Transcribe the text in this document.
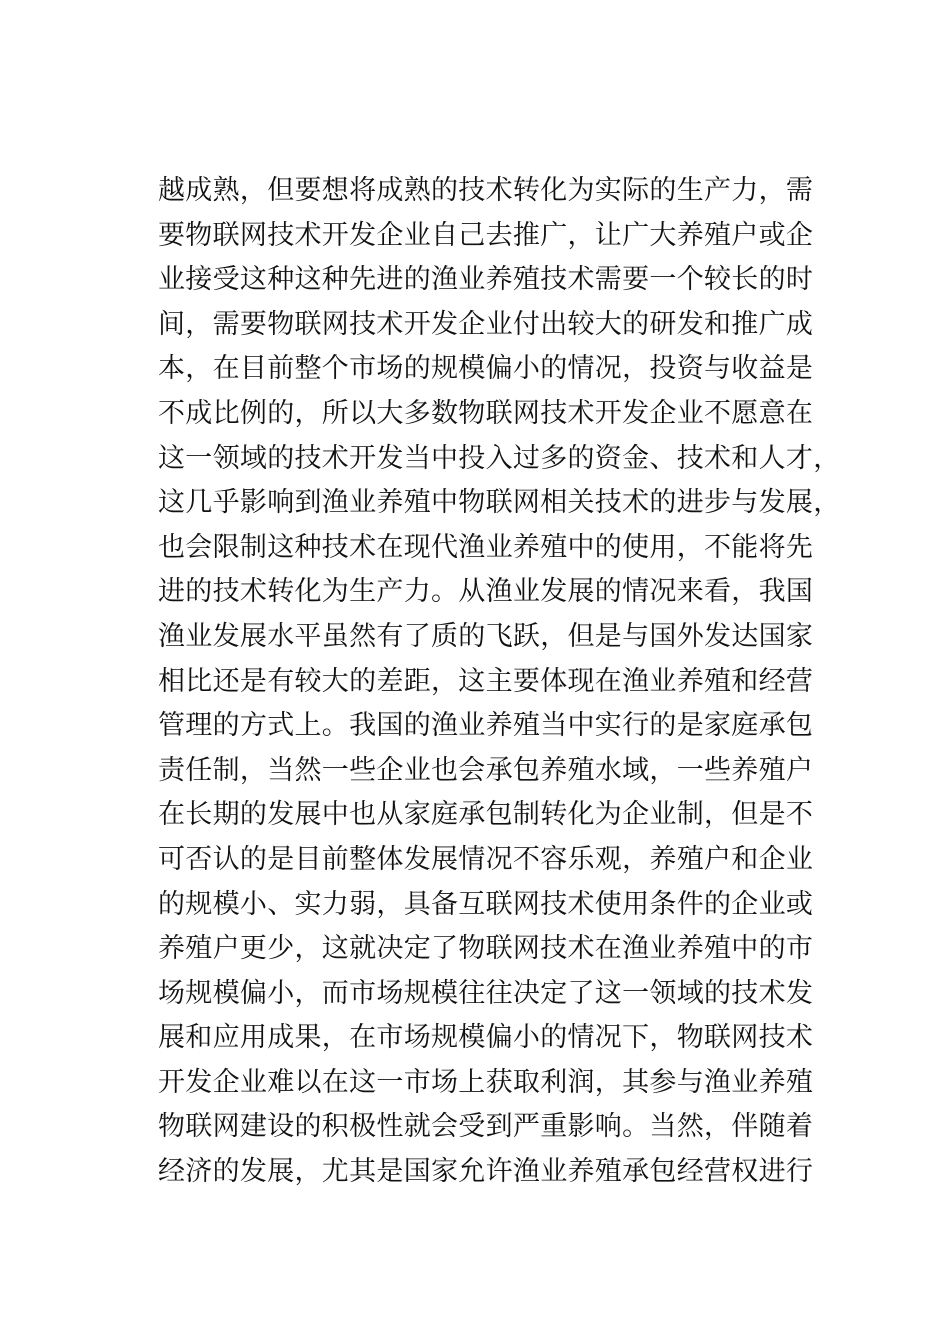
越成熟，但要想将成熟的技术转化为实际的生产力，需
要物联网技术开发企业自己去推广，让广大养殖户或企
业接受这种这种先进的渔业养殖技术需要一个较长的时
间，需要物联网技术开发企业付出较大的研发和推广成
本，在目前整个市场的规模偏小的情况，投资与收益是
不成比例的，所以大多数物联网技术开发企业不愿意在
这一领域的技术开发当中投入过多的资金、技术和人才，
这几乎影响到渔业养殖中物联网相关技术的进步与发展，
也会限制这种技术在现代渔业养殖中的使用，不能将先
进的技术转化为生产力。从渔业发展的情况来看，我国
渔业发展水平虽然有了质的飞跃，但是与国外发达国家
相比还是有较大的差距，这主要体现在渔业养殖和经营
管理的方式上。我国的渔业养殖当中实行的是家庭承包
责任制，当然一些企业也会承包养殖水域，一些养殖户
在长期的发展中也从家庭承包制转化为企业制，但是不
可否认的是目前整体发展情况不容乐观，养殖户和企业
的规模小、实力弱，具备互联网技术使用条件的企业或
养殖户更少，这就决定了物联网技术在渔业养殖中的市
场规模偏小，而市场规模往往决定了这一领域的技术发
展和应用成果，在市场规模偏小的情况下，物联网技术
开发企业难以在这一市场上获取利润，其参与渔业养殖
物联网建设的积极性就会受到严重影响。当然，伴随着
经济的发展，尤其是国家允许渔业养殖承包经营权进行
